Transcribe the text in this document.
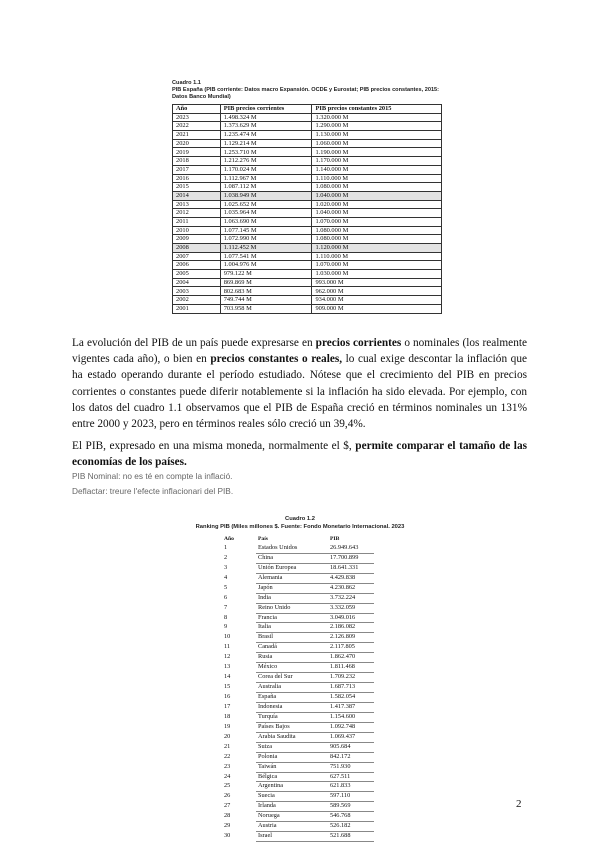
Cuadro 1.1
PIB España (PIB corriente: Datos macro Expansión. OCDE y Eurostat; PIB precios constantes, 2015: Datos Banco Mundial)
Año	PIB precios corrientes	PIB precios constantes 2015
2023	1.498.324 M	1.320.000 M
2022	1.373.629 M	1.290.000 M
2021	1.235.474 M	1.130.000 M
2020	1.129.214 M	1.060.000 M
2019	1.253.710 M	1.190.000 M
2018	1.212.276 M	1.170.000 M
2017	1.170.024 M	1.140.000 M
2016	1.112.967 M	1.110.000 M
2015	1.087.112 M	1.080.000 M
2014	1.038.949 M	1.040.000 M
2013	1.025.652 M	1.020.000 M
2012	1.035.964 M	1.040.000 M
2011	1.063.690 M	1.070.000 M
2010	1.077.145 M	1.080.000 M
2009	1.072.990 M	1.080.000 M
2008	1.112.452 M	1.120.000 M
2007	1.077.541 M	1.110.000 M
2006	1.004.976 M	1.070.000 M
2005	979.122 M	1.030.000 M
2004	869.869 M	993.000 M
2003	802.683 M	962.000 M
2002	749.744 M	934.000 M
2001	703.958 M	909.000 M

La evolución del PIB de un país puede expresarse en precios corrientes o nominales (los realmente vigentes cada año), o bien en precios constantes o reales, lo cual exige descontar la inflación que ha estado operando durante el período estudiado. Nótese que el crecimiento del PIB en precios corrientes o constantes puede diferir notablemente si la inflación ha sido elevada. Por ejemplo, con los datos del cuadro 1.1 observamos que el PIB de España creció en términos nominales un 131% entre 2000 y 2023, pero en términos reales sólo creció un 39,4%.

El PIB, expresado en una misma moneda, normalmente el $, permite comparar el tamaño de las economías de los países.

PIB Nominal: no es té en compte la inflació.
Deflactar: treure l'efecte inflacionari del PIB.
Cuadro 1.2
Ranking PIB (Miles millones $. Fuente: Fondo Monetario Internacional. 2023
Año	País	PIB
1	Estados Unidos	26.949.643
2	China	17.700.899
3	Unión Europea	18.641.331
4	Alemania	4.429.838
5	Japón	4.230.862
6	India	3.732.224
7	Reino Unido	3.332.059
8	Francia	3.049.016
9	Italia	2.186.082
10	Brasil	2.126.809
11	Canadá	2.117.805
12	Rusia	1.862.470
13	México	1.811.468
14	Corea del Sur	1.709.232
15	Australia	1.687.713
16	España	1.582.054
17	Indonesia	1.417.387
18	Turquía	1.154.600
19	Países Bajos	1.092.748
20	Arabia Saudita	1.069.437
21	Suiza	905.684
22	Polonia	842.172
23	Taiwán	751.930
24	Bélgica	627.511
25	Argentina	621.833
26	Suecia	597.110
27	Irlanda	589.569
28	Noruega	546.768
29	Austria	526.182
30	Israel	521.688
2
